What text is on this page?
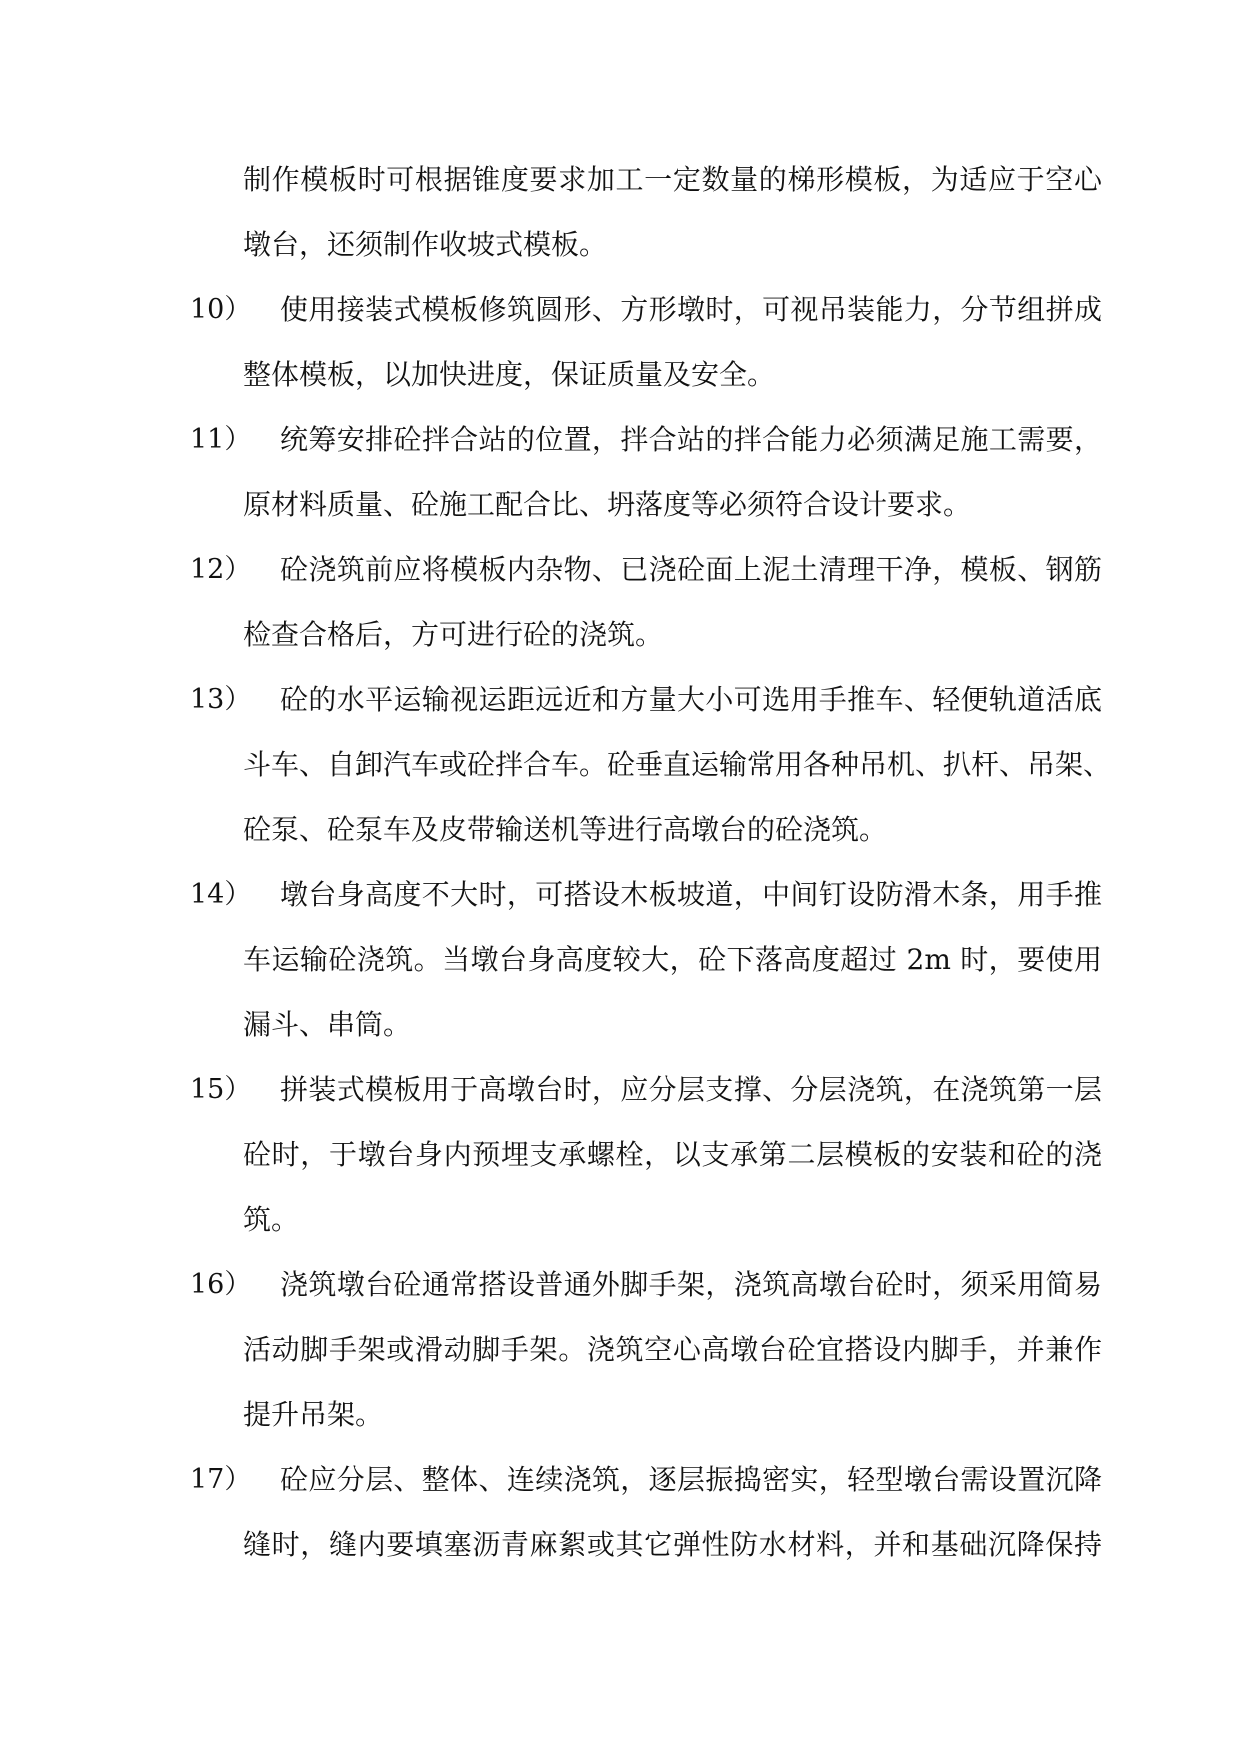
制作模板时可根据锥度要求加工一定数量的梯形模板，为适应于空心
墩台，还须制作收坡式模板。
10） 使用接装式模板修筑圆形、方形墩时，可视吊装能力，分节组拼成
整体模板，以加快进度，保证质量及安全。
11） 统筹安排砼拌合站的位置，拌合站的拌合能力必须满足施工需要，
原材料质量、砼施工配合比、坍落度等必须符合设计要求。
12） 砼浇筑前应将模板内杂物、已浇砼面上泥土清理干净，模板、钢筋
检查合格后，方可进行砼的浇筑。
13） 砼的水平运输视运距远近和方量大小可选用手推车、轻便轨道活底
斗车、自卸汽车或砼拌合车。砼垂直运输常用各种吊机、扒杆、吊架、
砼泵、砼泵车及皮带输送机等进行高墩台的砼浇筑。
14） 墩台身高度不大时，可搭设木板坡道，中间钉设防滑木条，用手推
车运输砼浇筑。当墩台身高度较大，砼下落高度超过 2m 时，要使用
漏斗、串筒。
15） 拼装式模板用于高墩台时，应分层支撑、分层浇筑，在浇筑第一层
砼时，于墩台身内预埋支承螺栓，以支承第二层模板的安装和砼的浇
筑。
16） 浇筑墩台砼通常搭设普通外脚手架，浇筑高墩台砼时，须采用简易
活动脚手架或滑动脚手架。浇筑空心高墩台砼宜搭设内脚手，并兼作
提升吊架。
17） 砼应分层、整体、连续浇筑，逐层振捣密实，轻型墩台需设置沉降
缝时，缝内要填塞沥青麻絮或其它弹性防水材料，并和基础沉降保持
